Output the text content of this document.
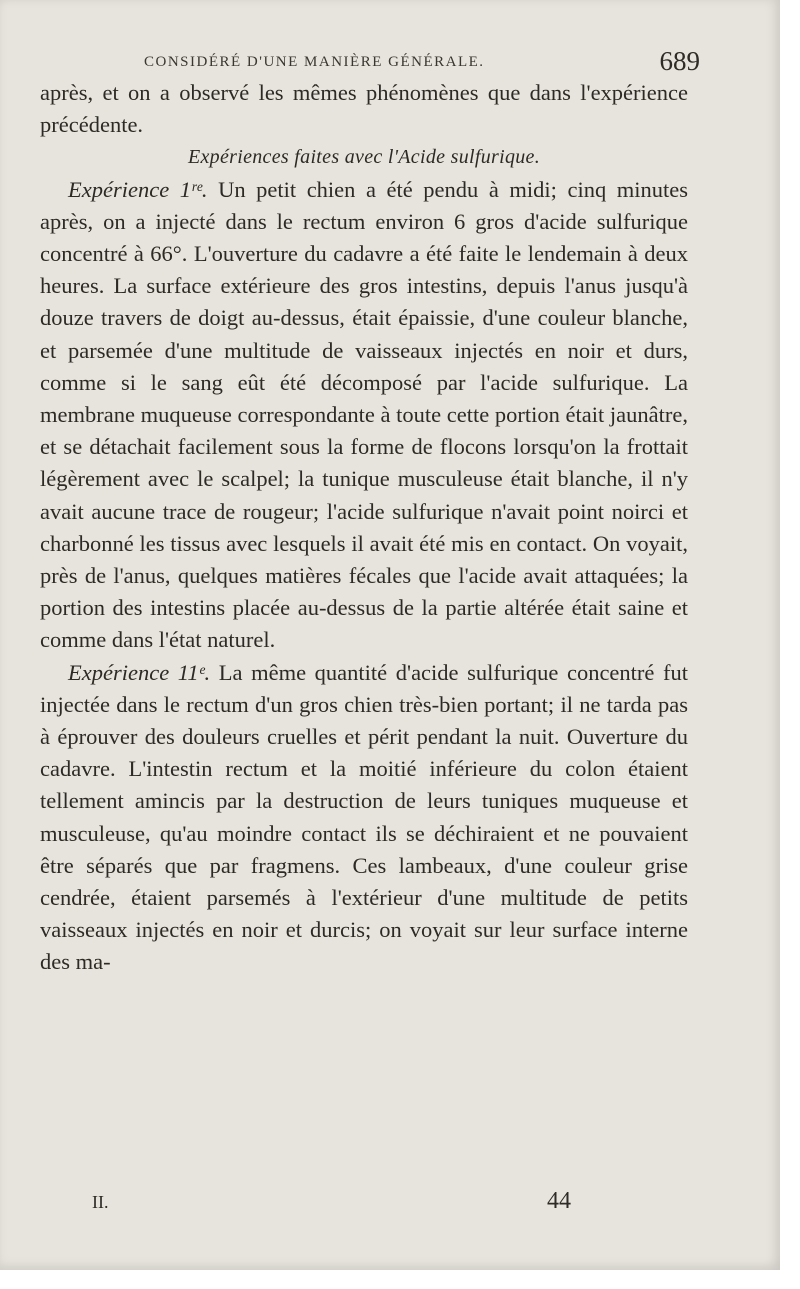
CONSIDÉRÉ D'UNE MANIÈRE GÉNÉRALE.	689

après, et on a observé les mêmes phénomènes que dans l'expérience précédente.

Expériences faites avec l'Acide sulfurique.

Expérience 1ʳᵉ. Un petit chien a été pendu à midi; cinq minutes après, on a injecté dans le rectum environ 6 gros d'acide sulfurique concentré à 66°. L'ouverture du cadavre a été faite le lendemain à deux heures. La surface extérieure des gros intestins, depuis l'anus jusqu'à douze travers de doigt au-dessus, était épaissie, d'une couleur blanche, et parsemée d'une multitude de vaisseaux injectés en noir et durs, comme si le sang eût été décomposé par l'acide sulfurique. La membrane muqueuse correspondante à toute cette portion était jaunâtre, et se détachait facilement sous la forme de flocons lorsqu'on la frottait légèrement avec le scalpel; la tunique musculeuse était blanche, il n'y avait aucune trace de rougeur; l'acide sulfurique n'avait point noirci et charbonné les tissus avec lesquels il avait été mis en contact. On voyait, près de l'anus, quelques matières fécales que l'acide avait attaquées; la portion des intestins placée au-dessus de la partie altérée était saine et comme dans l'état naturel.

Expérience 11ᵉ. La même quantité d'acide sulfurique concentré fut injectée dans le rectum d'un gros chien très-bien portant; il ne tarda pas à éprouver des douleurs cruelles et périt pendant la nuit. Ouverture du cadavre. L'intestin rectum et la moitié inférieure du colon étaient tellement amincis par la destruction de leurs tuniques muqueuse et musculeuse, qu'au moindre contact ils se déchiraient et ne pouvaient être séparés que par fragmens. Ces lambeaux, d'une couleur grise cendrée, étaient parsemés à l'extérieur d'une multitude de petits vaisseaux injectés en noir et durcis; on voyait sur leur surface interne des ma-

II.	44
